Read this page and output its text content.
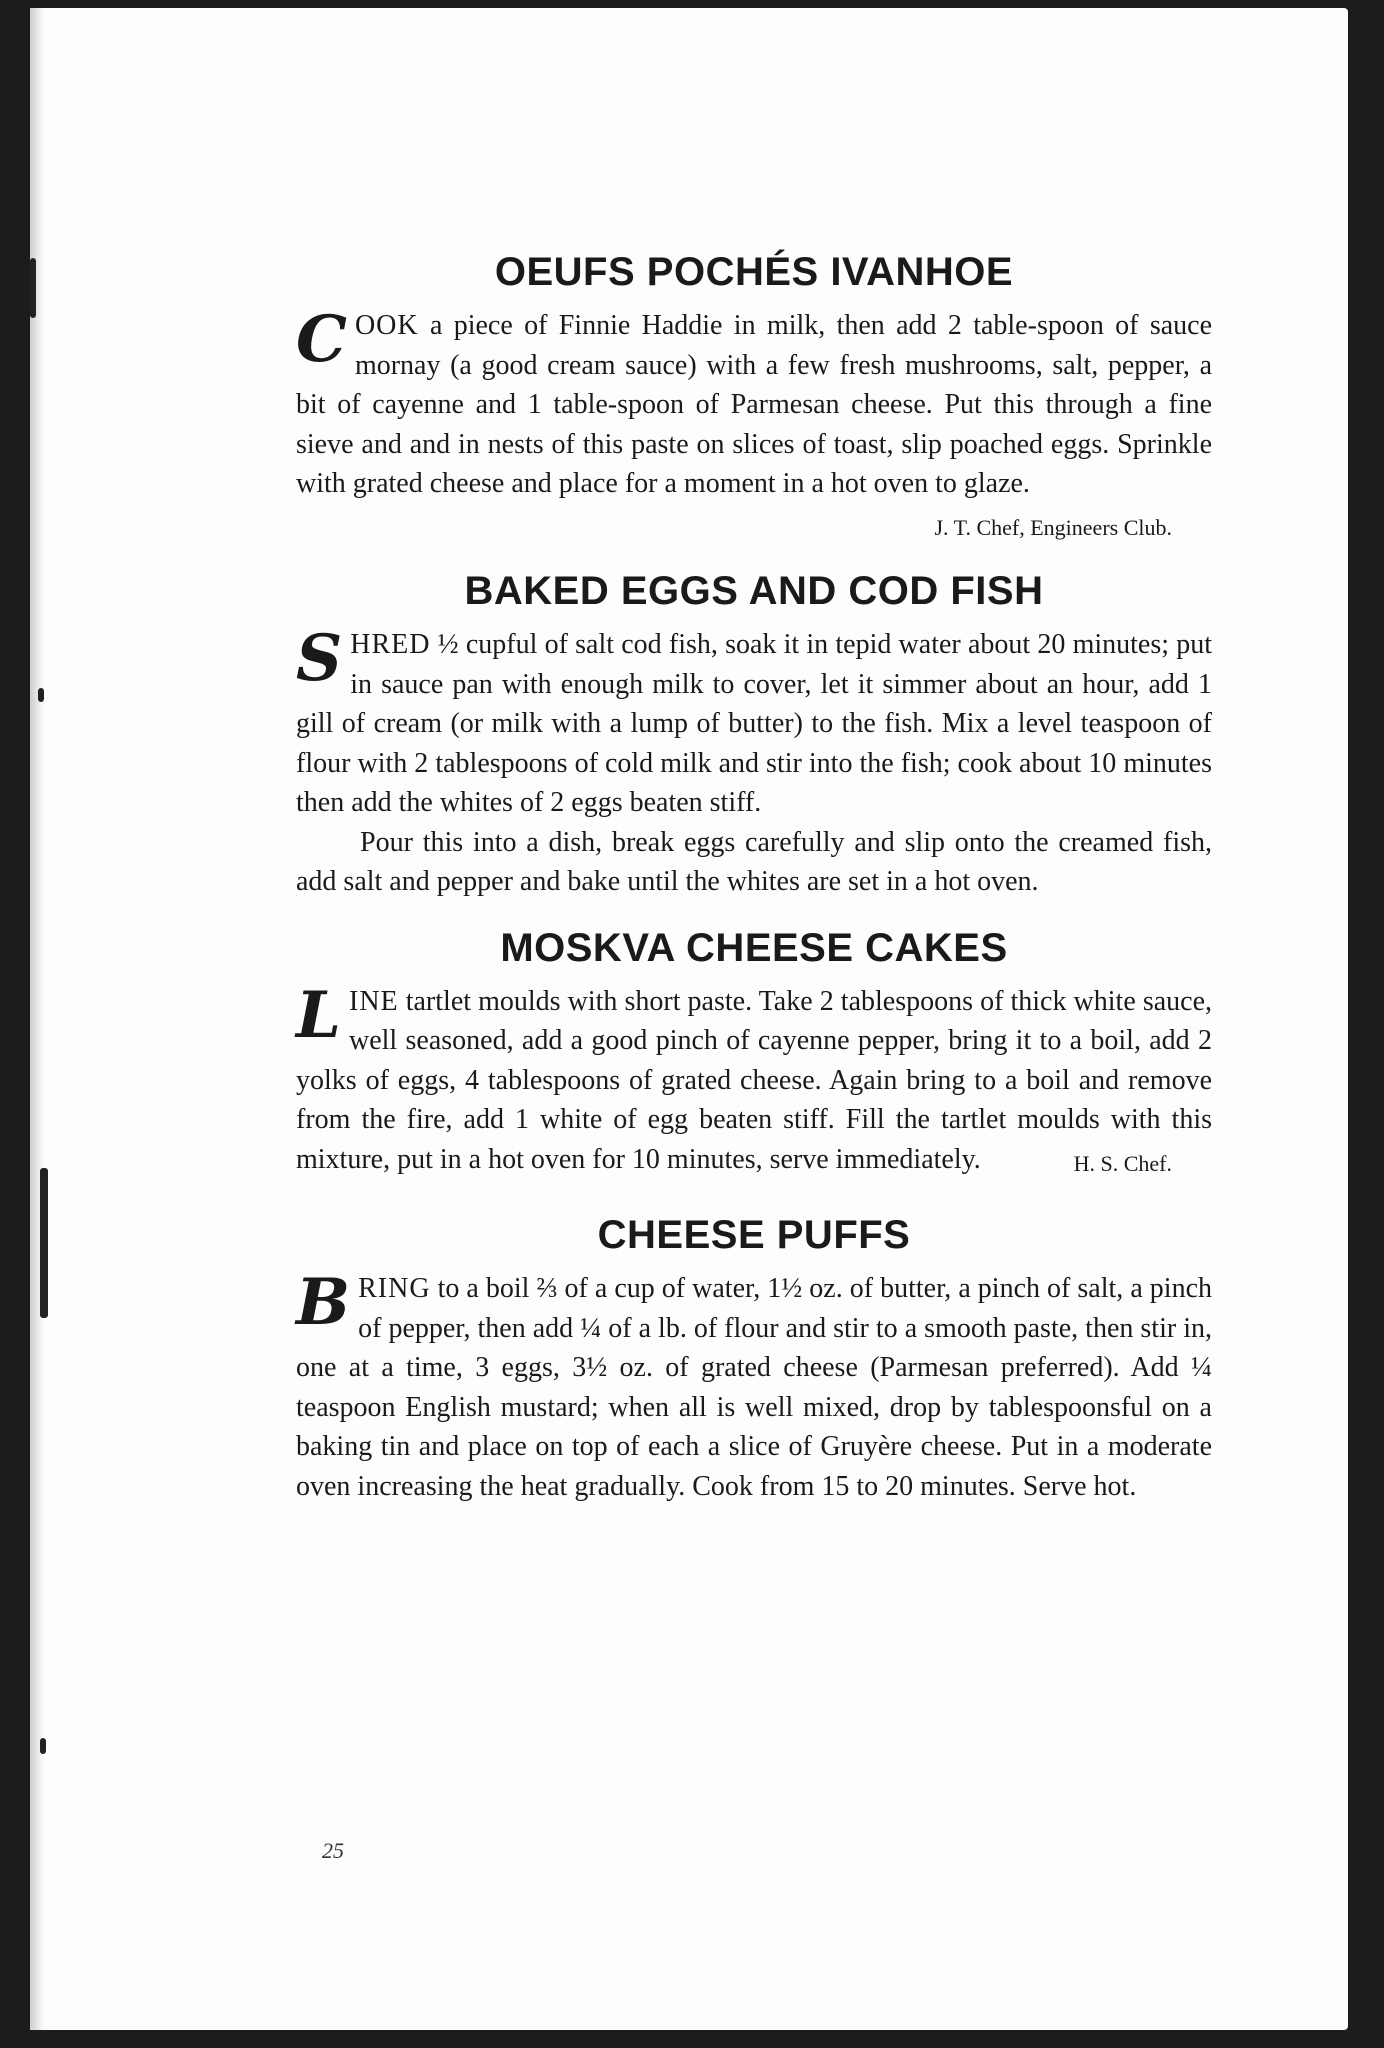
OEUFS POCHÉS IVANHOE
COOK a piece of Finnie Haddie in milk, then add 2 table-spoon of sauce mornay (a good cream sauce) with a few fresh mushrooms, salt, pepper, a bit of cayenne and 1 table-spoon of Parmesan cheese. Put this through a fine sieve and and in nests of this paste on slices of toast, slip poached eggs. Sprinkle with grated cheese and place for a moment in a hot oven to glaze.
J. T. Chef, Engineers Club.
BAKED EGGS AND COD FISH

SHRED ½ cupful of salt cod fish, soak it in tepid water about 20 minutes; put in sauce pan with enough milk to cover, let it simmer about an hour, add 1 gill of cream (or milk with a lump of butter) to the fish. Mix a level teaspoon of flour with 2 tablespoons of cold milk and stir into the fish; cook about 10 minutes then add the whites of 2 eggs beaten stiff.

Pour this into a dish, break eggs carefully and slip onto the creamed fish, add salt and pepper and bake until the whites are set in a hot oven.

MOSKVA CHEESE CAKES
LINE tartlet moulds with short paste. Take 2 tablespoons of thick white sauce, well seasoned, add a good pinch of cayenne pepper, bring it to a boil, add 2 yolks of eggs, 4 tablespoons of grated cheese. Again bring to a boil and remove from the fire, add 1 white of egg beaten stiff. Fill the tartlet moulds with this mixture, put in a hot oven for 10 minutes, serve immediately.	H. S. Chef.
CHEESE PUFFS
BRING to a boil ⅔ of a cup of water, 1½ oz. of butter, a pinch of salt, a pinch of pepper, then add ¼ of a lb. of flour and stir to a smooth paste, then stir in, one at a time, 3 eggs, 3½ oz. of grated cheese (Parmesan preferred). Add ¼ teaspoon English mustard; when all is well mixed, drop by tablespoonsful on a baking tin and place on top of each a slice of Gruyère cheese. Put in a moderate oven increasing the heat gradually. Cook from 15 to 20 minutes. Serve hot.
25
